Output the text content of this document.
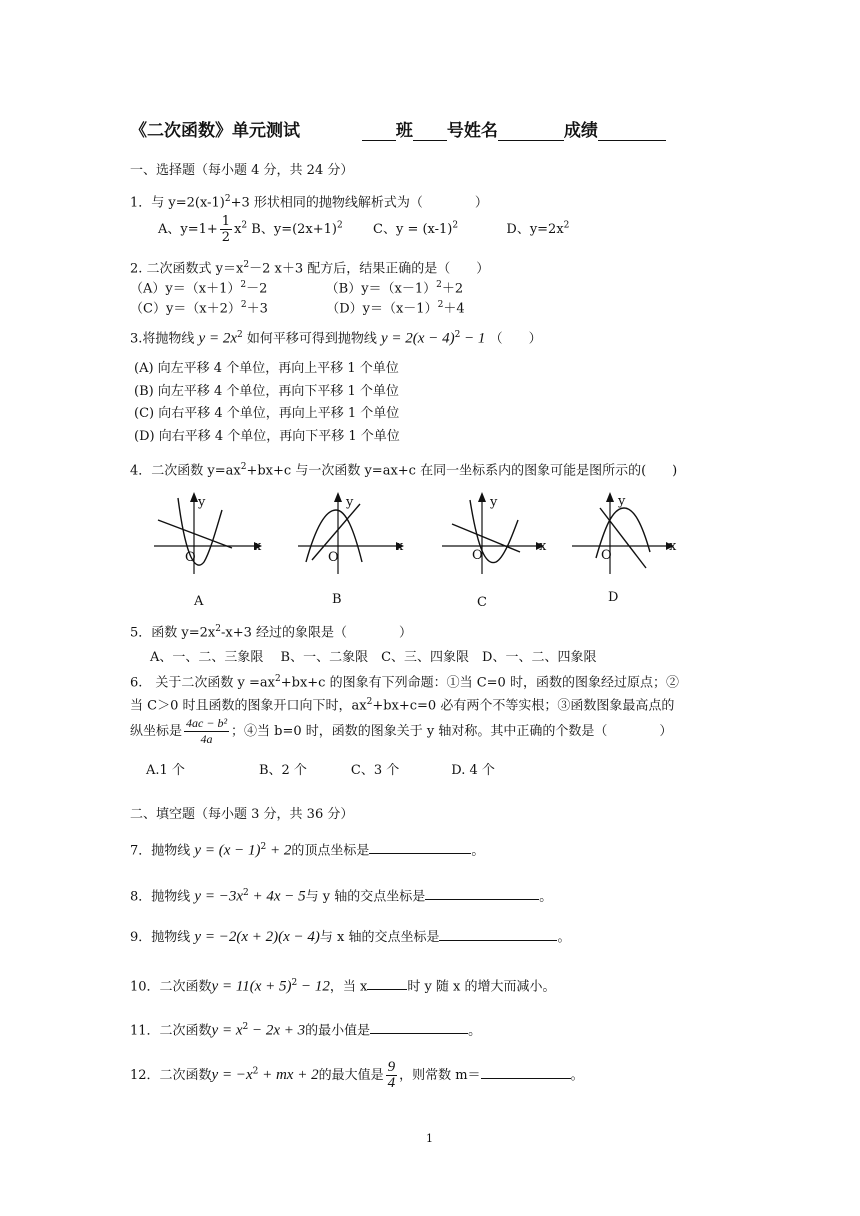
《二次函数》单元测试	班 号姓名	成绩
一、选择题（每小题 4 分，共 24 分）
1．与 $y=2(x-1)^2+3$ 形状相同的抛物线解析式为（　　　　）
A、$y=1+ \frac{1}{2} x^2$ B、$y=(2x+1)^2$ C、$y = (x-1)^2$	D、$y=2x^2$
2. 二次函数式 $y=x^2-2$ x＋3 配方后，结果正确的是（　　）
$(A)y=(x+1)^2-2$	$(B)y=(x-1)^2+2$
$(C)y=(x+2)^2+3$	$(D)y=(x-1)^2+4$
3.将抛物线 $y = 2x^2$ 如何平移可得到抛物线 $y = 2(x - 4)^2 - 1$ （　　）
(A) 向左平移 4 个单位，再向上平移 1 个单位
(B) 向左平移 4 个单位，再向下平移 1 个单位
(C) 向右平移 4 个单位，再向上平移 1 个单位
(D) 向右平移 4 个单位，再向下平移 1 个单位
4．二次函数 $y=ax^2+bx+c$ 与一次函数 y=ax+c 在同一坐标系内的图象可能是图所示的(　　)
y
x
O
A
y
x
O
B
y
x
O
C
y
x
O
D
5．函数 $y=2x^2-x+3$ 经过的象限是（　　　　）
A、一、二、三象限　 B、一、二象限　C、三、四象限　D、一、二、四象限
6.　关于二次函数 $y =ax^2+bx+c$ 的图象有下列命题：①当 C=0 时，函数的图象经过原点；②
当 C＞0 时且函数的图象开口向下时，$ax^2+bx+c=0$ 必有两个不等实根；③函数图象最高点的
纵坐标是 $\frac{\text{4ac − b²}}{4a}$ ；④当 b=0 时，函数的图象关于 y 轴对称。其中正确的个数是（　　　　）
A.1 个	B、2 个	C、3 个	D. 4 个
二、填空题（每小题 3 分，共 36 分）
7．抛物线 $y = (x - 1)^2 + 2$的顶点坐标是	。
8．抛物线 $y = -3x^2 + 4x - 5$与 y 轴的交点坐标是	。
9．抛物线 y = −2(x + 2)(x − 4)与 x 轴的交点坐标是	。
10．二次函数$y = 11(x + 5)^2 - 12$，当 x	时 y 随 x 的增大而减小。
11．二次函数$y = x^2 - 2x + 3$的最小值是	。
12．二次函数$y = -x^2$ + mx + 2的最大值是 $\frac{9}{4}$ ，则常数 m＝	。
1
